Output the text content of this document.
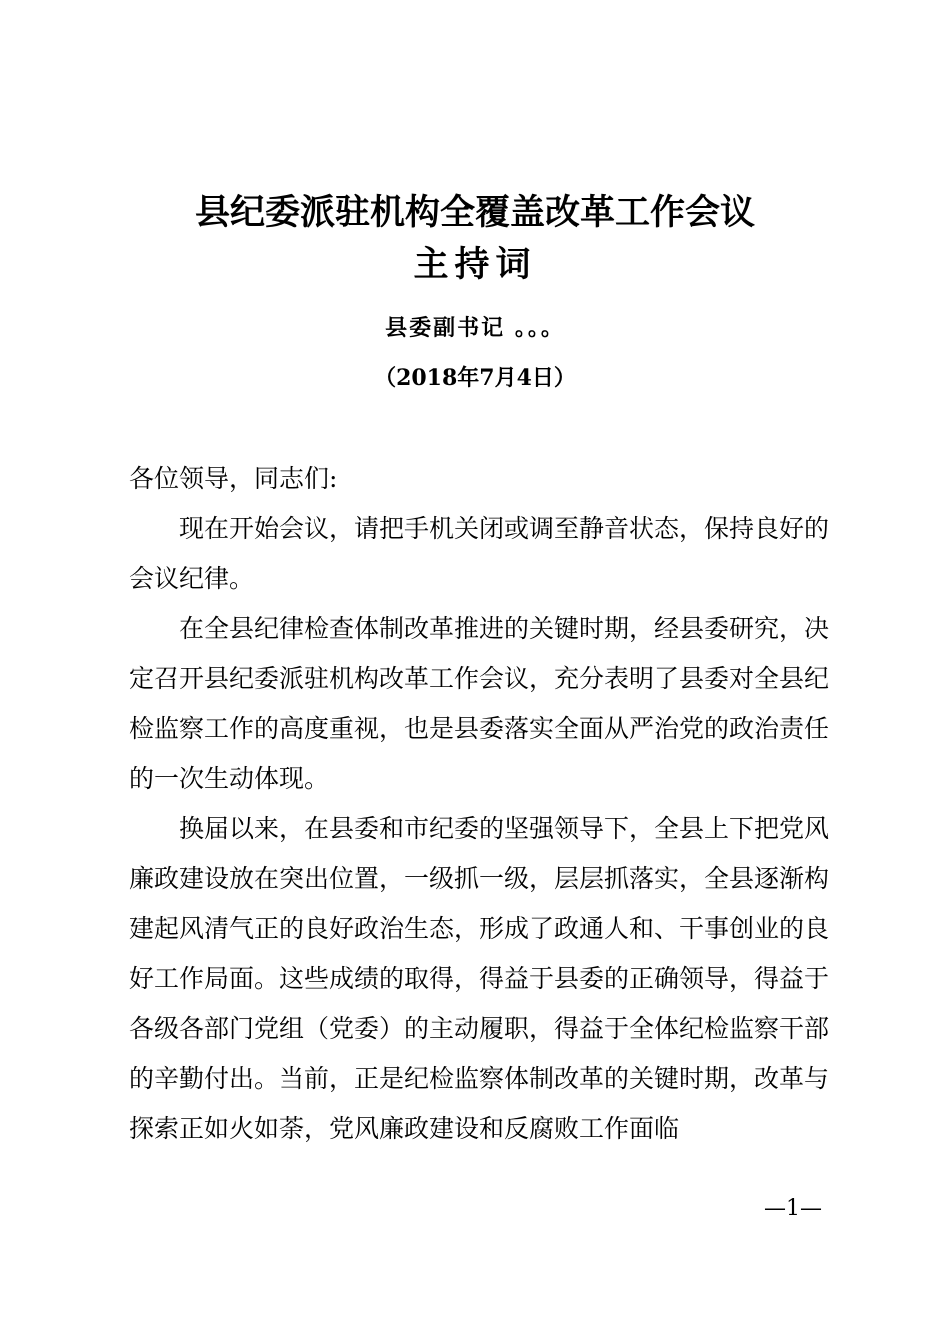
县纪委派驻机构全覆盖改革工作会议
主持词

县委副书记 。。。

（2018年7月4日）

各位领导，同志们:

现在开始会议，请把手机关闭或调至静音状态，保持良好的会议纪律。

在全县纪律检查体制改革推进的关键时期，经县委研究，决定召开县纪委派驻机构改革工作会议，充分表明了县委对全县纪检监察工作的高度重视，也是县委落实全面从严治党的政治责任的一次生动体现。

换届以来，在县委和市纪委的坚强领导下，全县上下把党风廉政建设放在突出位置，一级抓一级，层层抓落实，全县逐渐构建起风清气正的良好政治生态，形成了政通人和、干事创业的良好工作局面。这些成绩的取得，得益于县委的正确领导，得益于各级各部门党组（党委）的主动履职，得益于全体纪检监察干部的辛勤付出。当前，正是纪检监察体制改革的关键时期，改革与探索正如火如荼，党风廉政建设和反腐败工作面临

—1—
